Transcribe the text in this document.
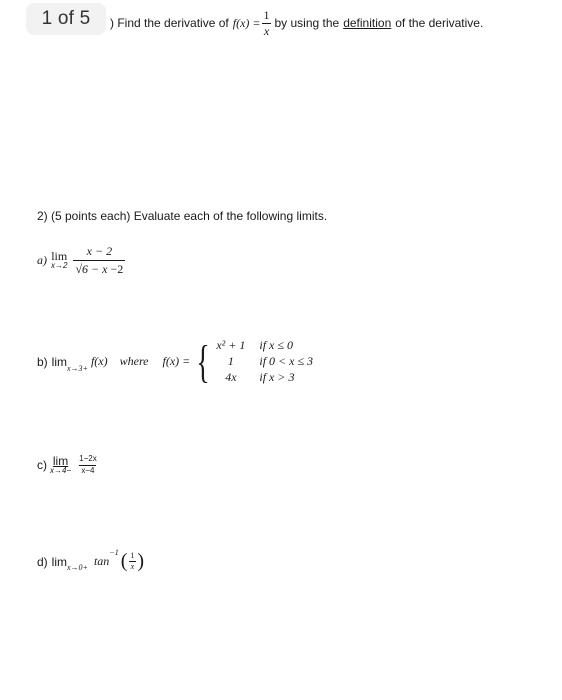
1 of 5	) Find the derivative of $f(x) = \frac{1}{x}$ by using the definition of the derivative.
2) (5 points each) Evaluate each of the following limits.
a) lim
$x\to 2 \frac{x - 2}{√6 - x -2}$
b) $\lim_{x\to 3+}$
f(x) where f(x) = { x² + 1 if x ≤ 0
1	if 0 < x ≤ 3
4x	if x > 3
c) lim
$x\to 4- \frac{1-2x}{x-4}$
d) $\lim_{x\to 0+} \tan$
$^{-1}$ ( $\frac{1}{x}$ )
